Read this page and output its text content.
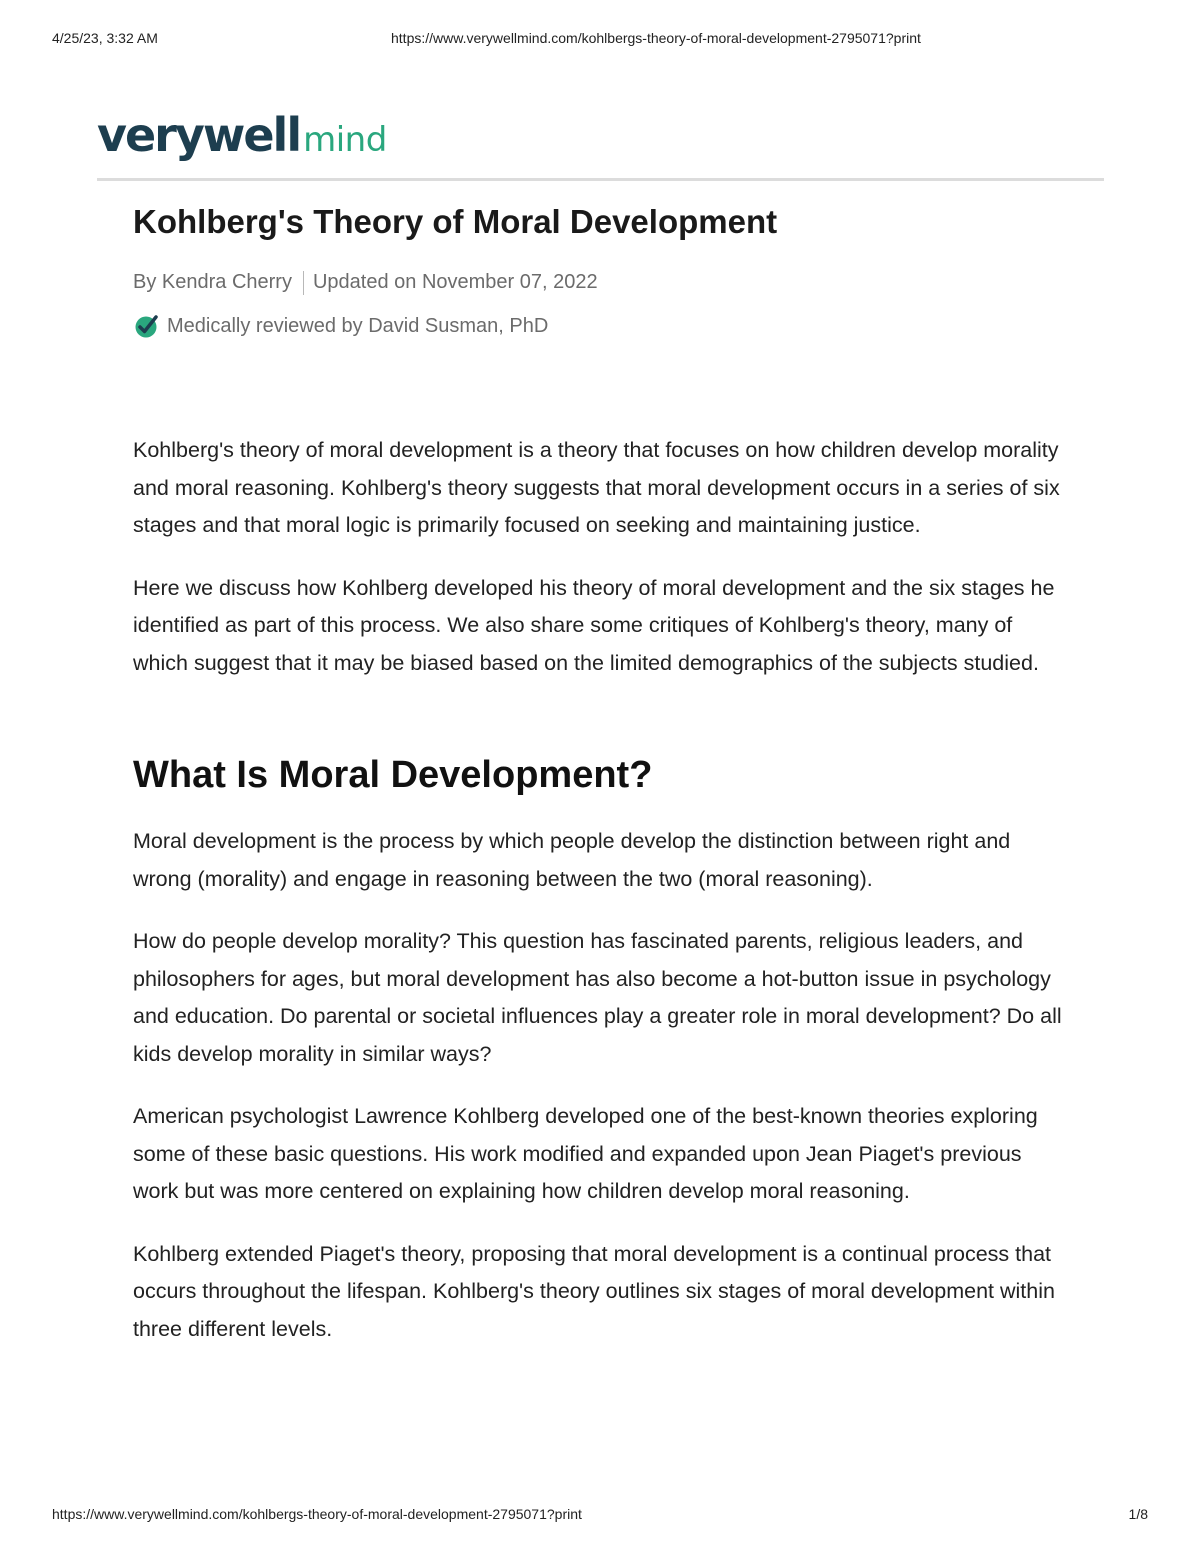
4/25/23, 3:32 AM	https://www.verywellmind.com/kohlbergs-theory-of-moral-development-2795071?print
verywellmind
Kohlberg's Theory of Moral Development
By Kendra Cherry Updated on November 07, 2022
Medically reviewed by David Susman, PhD

Kohlberg's theory of moral development is a theory that focuses on how children develop morality and moral reasoning. Kohlberg's theory suggests that moral development occurs in a series of six stages and that moral logic is primarily focused on seeking and maintaining justice.

Here we discuss how Kohlberg developed his theory of moral development and the six stages he identified as part of this process. We also share some critiques of Kohlberg's theory, many of which suggest that it may be biased based on the limited demographics of the subjects studied.

What Is Moral Development?

Moral development is the process by which people develop the distinction between right and wrong (morality) and engage in reasoning between the two (moral reasoning).

How do people develop morality? This question has fascinated parents, religious leaders, and philosophers for ages, but moral development has also become a hot-button issue in psychology and education. Do parental or societal influences play a greater role in moral development? Do all kids develop morality in similar ways?

American psychologist Lawrence Kohlberg developed one of the best-known theories exploring some of these basic questions. His work modified and expanded upon Jean Piaget's previous work but was more centered on explaining how children develop moral reasoning.

Kohlberg extended Piaget's theory, proposing that moral development is a continual process that occurs throughout the lifespan. Kohlberg's theory outlines six stages of moral development within three different levels.

https://www.verywellmind.com/kohlbergs-theory-of-moral-development-2795071?print	1/8
